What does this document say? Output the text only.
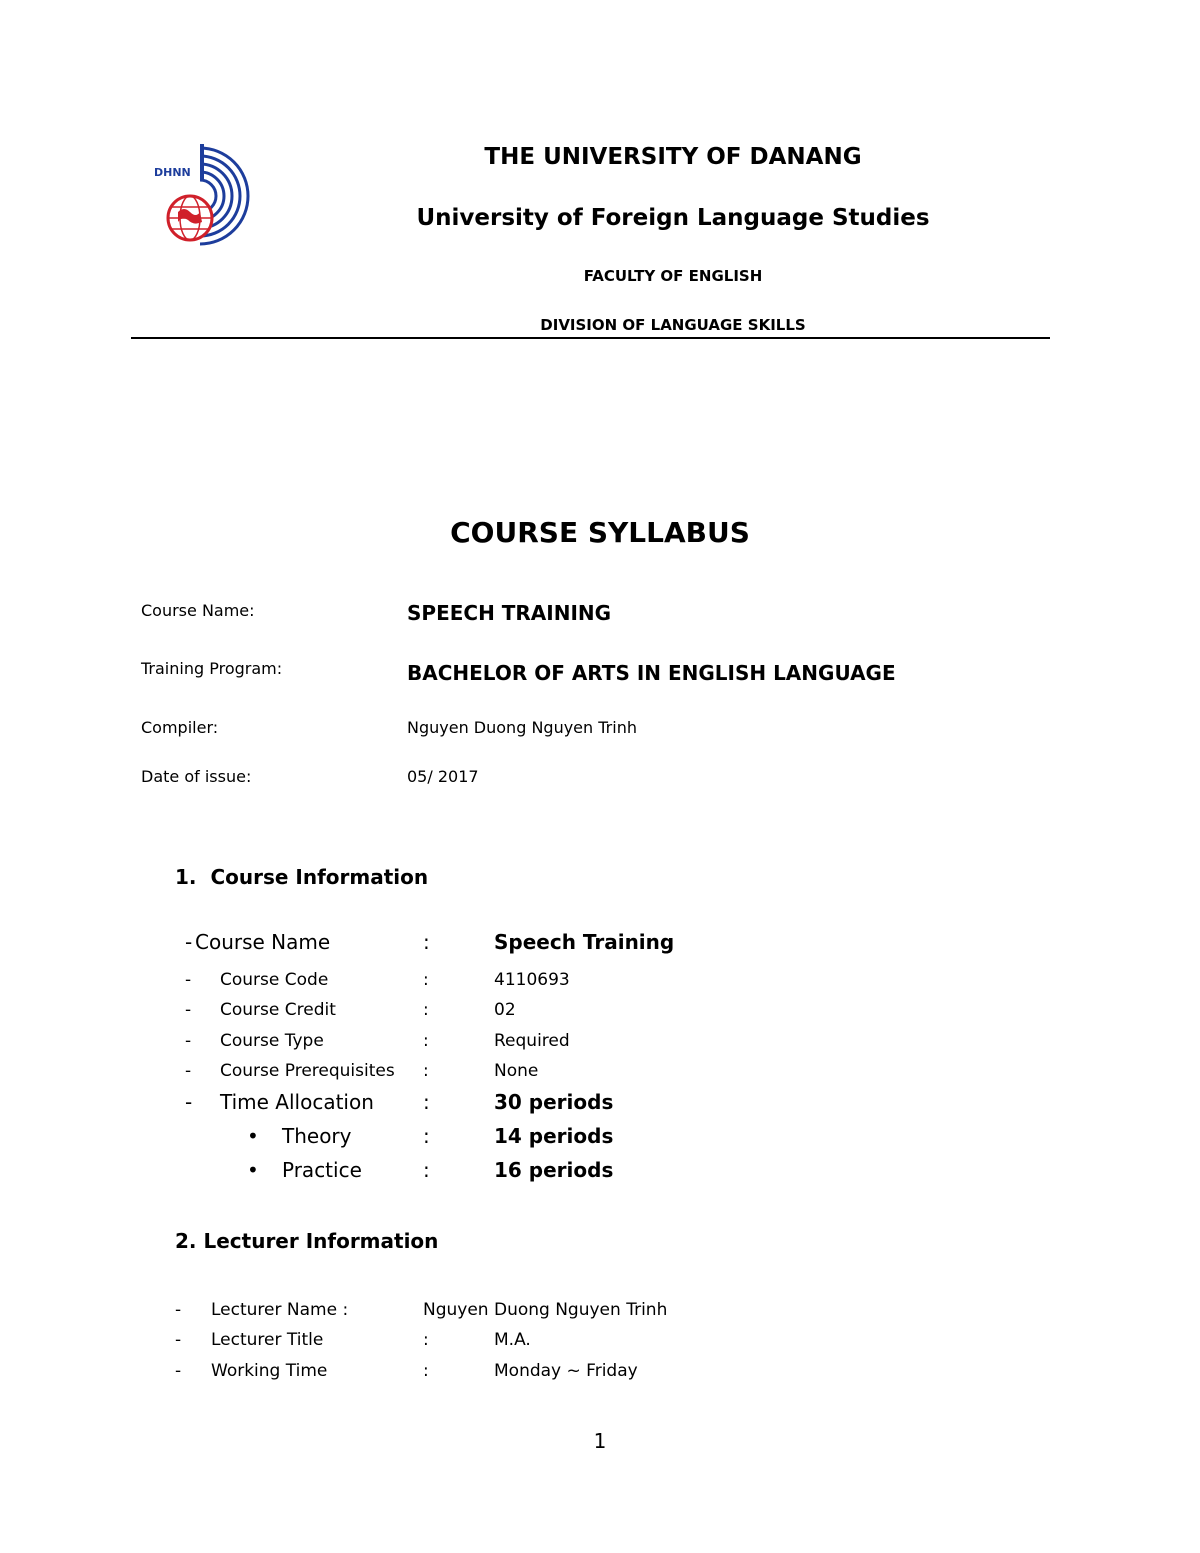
DHNN
THE UNIVERSITY OF DANANG
University of Foreign Language Studies
FACULTY OF ENGLISH
DIVISION OF LANGUAGE SKILLS
COURSE SYLLABUS
Course Name:	SPEECH TRAINING
Training Program:	BACHELOR OF ARTS IN ENGLISH LANGUAGE
Compiler:	Nguyen Duong Nguyen Trinh
Date of issue:	05/ 2017
1. Course Information
- Course Name	:	Speech Training
- Course Code	:	4110693
- Course Credit	:	02
- Course Type	:	Required
- Course Prerequisites :	None
- Time Allocation :	30 periods
• Theory	:	14 periods
• Practice	:	16 periods
2. Lecturer Information
- Lecturer Name :	Nguyen Duong Nguyen Trinh
- Lecturer Title	:	M.A.
- Working Time	:	Monday ~ Friday
1
